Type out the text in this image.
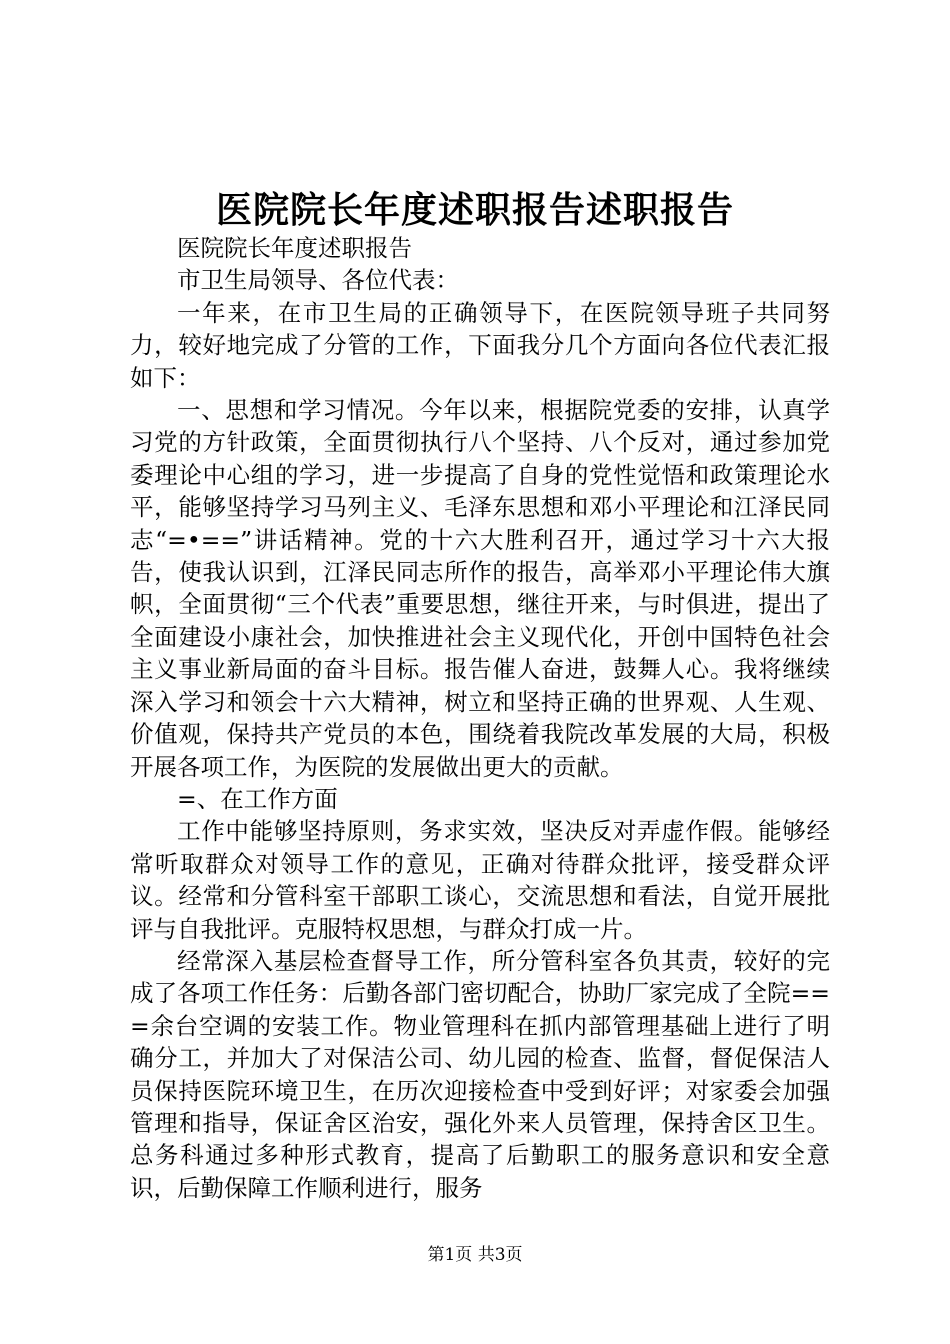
医院院长年度述职报告述职报告

医院院长年度述职报告

市卫生局领导、各位代表：

一年来，在市卫生局的正确领导下，在医院领导班子共同努力，较好地完成了分管的工作，下面我分几个方面向各位代表汇报如下：

一、思想和学习情况。今年以来，根据院党委的安排，认真学习党的方针政策，全面贯彻执行八个坚持、八个反对，通过参加党委理论中心组的学习，进一步提高了自身的党性觉悟和政策理论水平，能够坚持学习马列主义、毛泽东思想和邓小平理论和江泽民同志“=•==”讲话精神。党的十六大胜利召开，通过学习十六大报告，使我认识到，江泽民同志所作的报告，高举邓小平理论伟大旗帜，全面贯彻“三个代表”重要思想，继往开来，与时俱进，提出了全面建设小康社会，加快推进社会主义现代化，开创中国特色社会主义事业新局面的奋斗目标。报告催人奋进，鼓舞人心。我将继续深入学习和领会十六大精神，树立和坚持正确的世界观、人生观、价值观，保持共产党员的本色，围绕着我院改革发展的大局，积极开展各项工作，为医院的发展做出更大的贡献。

=、在工作方面

工作中能够坚持原则，务求实效，坚决反对弄虚作假。能够经常听取群众对领导工作的意见，正确对待群众批评，接受群众评议。经常和分管科室干部职工谈心，交流思想和看法，自觉开展批评与自我批评。克服特权思想，与群众打成一片。

经常深入基层检查督导工作，所分管科室各负其责，较好的完成了各项工作任务：后勤各部门密切配合，协助厂家完成了全院===余台空调的安装工作。物业管理科在抓内部管理基础上进行了明确分工，并加大了对保洁公司、幼儿园的检查、监督，督促保洁人员保持医院环境卫生，在历次迎接检查中受到好评；对家委会加强管理和指导，保证舍区治安，强化外来人员管理，保持舍区卫生。总务科通过多种形式教育，提高了后勤职工的服务意识和安全意识，后勤保障工作顺利进行，服务

第1页 共3页
